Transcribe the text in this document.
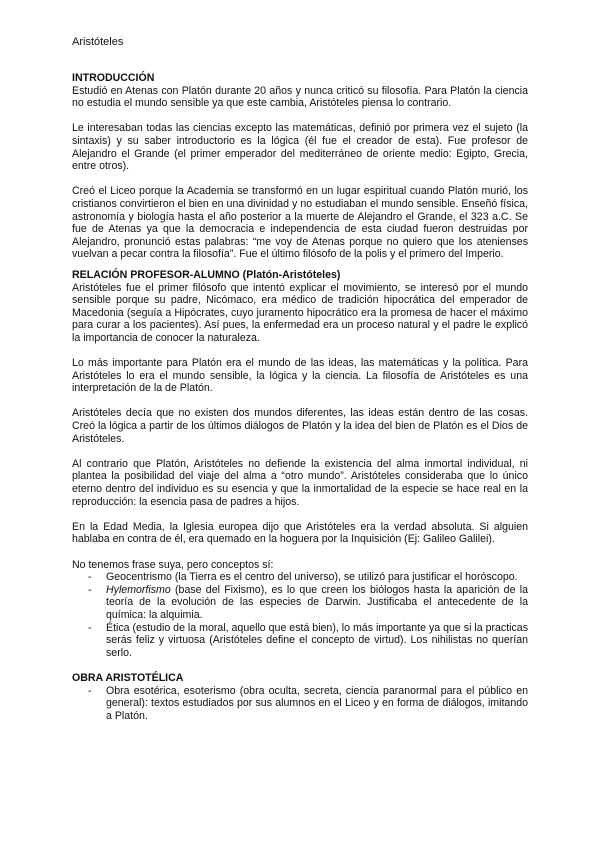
Aristóteles
INTRODUCCIÓN

Estudió en Atenas con Platón durante 20 años y nunca criticó su filosofía. Para Platón la ciencia no estudia el mundo sensible ya que este cambia, Aristóteles piensa lo contrario.

Le interesaban todas las ciencias excepto las matemáticas, definió por primera vez el sujeto (la sintaxis) y su saber introductorio es la lógica (él fue el creador de esta). Fue profesor de Alejandro el Grande (el primer emperador del mediterráneo de oriente medio: Egipto, Grecia, entre otros).

Creó el Liceo porque la Academia se transformó en un lugar espiritual cuando Platón murió, los cristianos convirtieron el bien en una divinidad y no estudiaban el mundo sensible. Enseñó física, astronomía y biología hasta el año posterior a la muerte de Alejandro el Grande, el 323 a.C. Se fue de Atenas ya que la democracia e independencia de esta ciudad fueron destruidas por Alejandro, pronunció estas palabras: “me voy de Atenas porque no quiero que los atenienses vuelvan a pecar contra la filosofía”. Fue el último filósofo de la polis y el primero del Imperio.

RELACIÓN PROFESOR-ALUMNO (Platón-Aristóteles)

Aristóteles fue el primer filósofo que intentó explicar el movimiento, se interesó por el mundo sensible porque su padre, Nicómaco, era médico de tradición hipocrática del emperador de Macedonia (seguía a Hipócrates, cuyo juramento hipocrático era la promesa de hacer el máximo para curar a los pacientes). Así pues, la enfermedad era un proceso natural y el padre le explicó la importancia de conocer la naturaleza.

Lo más importante para Platón era el mundo de las ideas, las matemáticas y la política. Para Aristóteles lo era el mundo sensible, la lógica y la ciencia. La filosofía de Aristóteles es una interpretación de la de Platón.

Aristóteles decía que no existen dos mundos diferentes, las ideas están dentro de las cosas. Creó la lógica a partir de los últimos diálogos de Platón y la idea del bien de Platón es el Dios de Aristóteles.

Al contrario que Platón, Aristóteles no defiende la existencia del alma inmortal individual, ni plantea la posibilidad del viaje del alma a “otro mundo”. Aristóteles consideraba que lo único eterno dentro del individuo es su esencia y que la inmortalidad de la especie se hace real en la reproducción: la esencia pasa de padres a hijos.

En la Edad Media, la Iglesia europea dijo que Aristóteles era la verdad absoluta. Si alguien hablaba en contra de él, era quemado en la hoguera por la Inquisición (Ej: Galileo Galilei).

No tenemos frase suya, pero conceptos sí:

- Geocentrismo (la Tierra es el centro del universo), se utilizó para justificar el horóscopo.
- Hylemorfismo (base del Fixismo), es lo que creen los biólogos hasta la aparición de la teoría de la evolución de las especies de Darwin. Justificaba el antecedente de la química: la alquimia.
- Ética (estudio de la moral, aquello que está bien), lo más importante ya que si la practicas serás feliz y virtuosa (Aristóteles define el concepto de virtud). Los nihilistas no querían serlo.
OBRA ARISTOTÉLICA
- Obra esotérica, esoterismo (obra oculta, secreta, ciencia paranormal para el público en general): textos estudiados por sus alumnos en el Liceo y en forma de diálogos, imitando a Platón.
